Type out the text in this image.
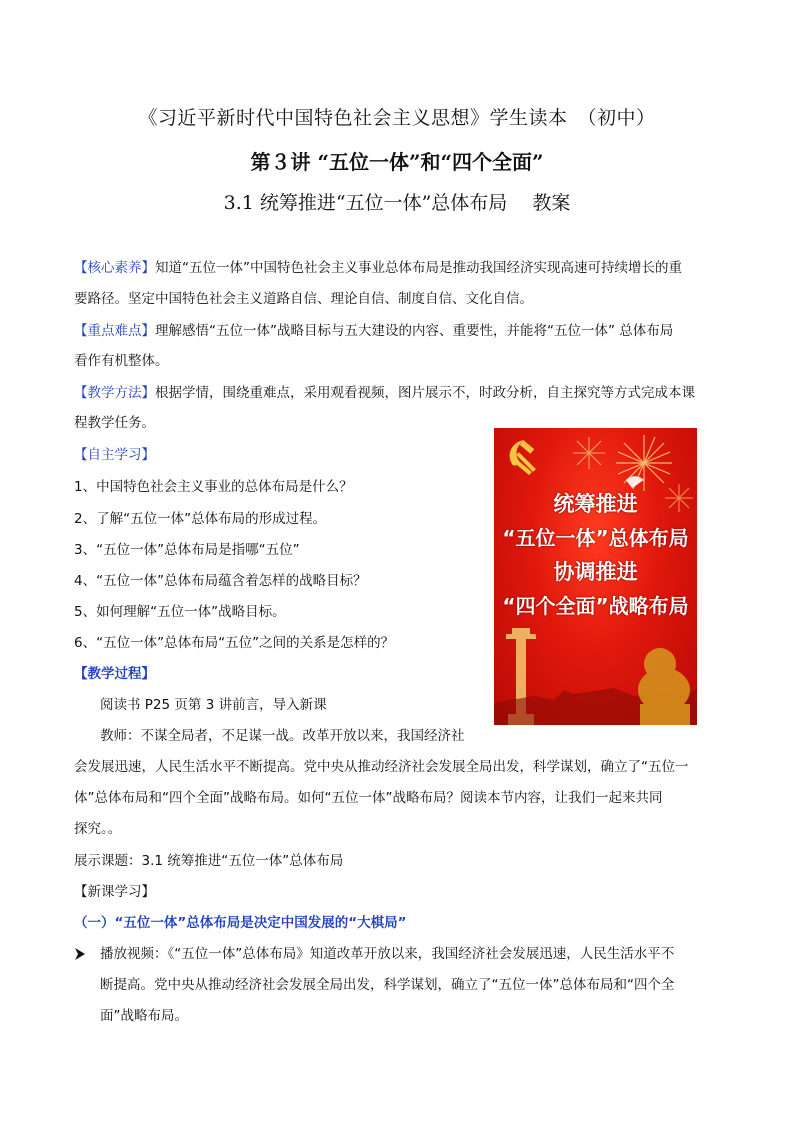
《习近平新时代中国特色社会主义思想》学生读本　（初中）
第３讲 “五位一体”和“四个全面”
3.1 统筹推进“五位一体”总体布局　 教案
【核心素养】知道“五位一体”中国特色社会主义事业总体布局是推动我国经济实现高速可持续增长的重
要路径。坚定中国特色社会主义道路自信、理论自信、制度自信、文化自信。
【重点难点】理解感悟“五位一体”战略目标与五大建设的内容、重要性，并能将“五位一体” 总体布局
看作有机整体。
【教学方法】根据学情，围绕重难点，采用观看视频，图片展示不，时政分析，自主探究等方式完成本课
程教学任务。
【自主学习】
1、中国特色社会主义事业的总体布局是什么？
2、了解“五位一体”总体布局的形成过程。
3、“五位一体”总体布局是指哪“五位”
4、“五位一体”总体布局蕴含着怎样的战略目标？
5、如何理解“五位一体”战略目标。
6、“五位一体”总体布局“五位”之间的关系是怎样的？
【教学过程】
阅读书 P25 页第 3 讲前言，导入新课
教师：不谋全局者，不足谋一战。改革开放以来，我国经济社
会发展迅速，人民生活水平不断提高。党中央从推动经济社会发展全局出发，科学谋划，确立了“五位一
体”总体布局和“四个全面”战略布局。如何“五位一体”战略布局？阅读本节内容，让我们一起来共同
探究。。
展示课题：3.1 统筹推进“五位一体”总体布局
【新课学习】
（一）“五位一体”总体布局是决定中国发展的“大棋局”
播放视频：《“五位一体”总体布局》知道改革开放以来，我国经济社会发展迅速，人民生活水平不
断提高。党中央从推动经济社会发展全局出发，科学谋划，确立了“五位一体”总体布局和“四个全
面”战略布局。
统筹推进
“五位一体”总体布局
协调推进
“四个全面”战略布局
